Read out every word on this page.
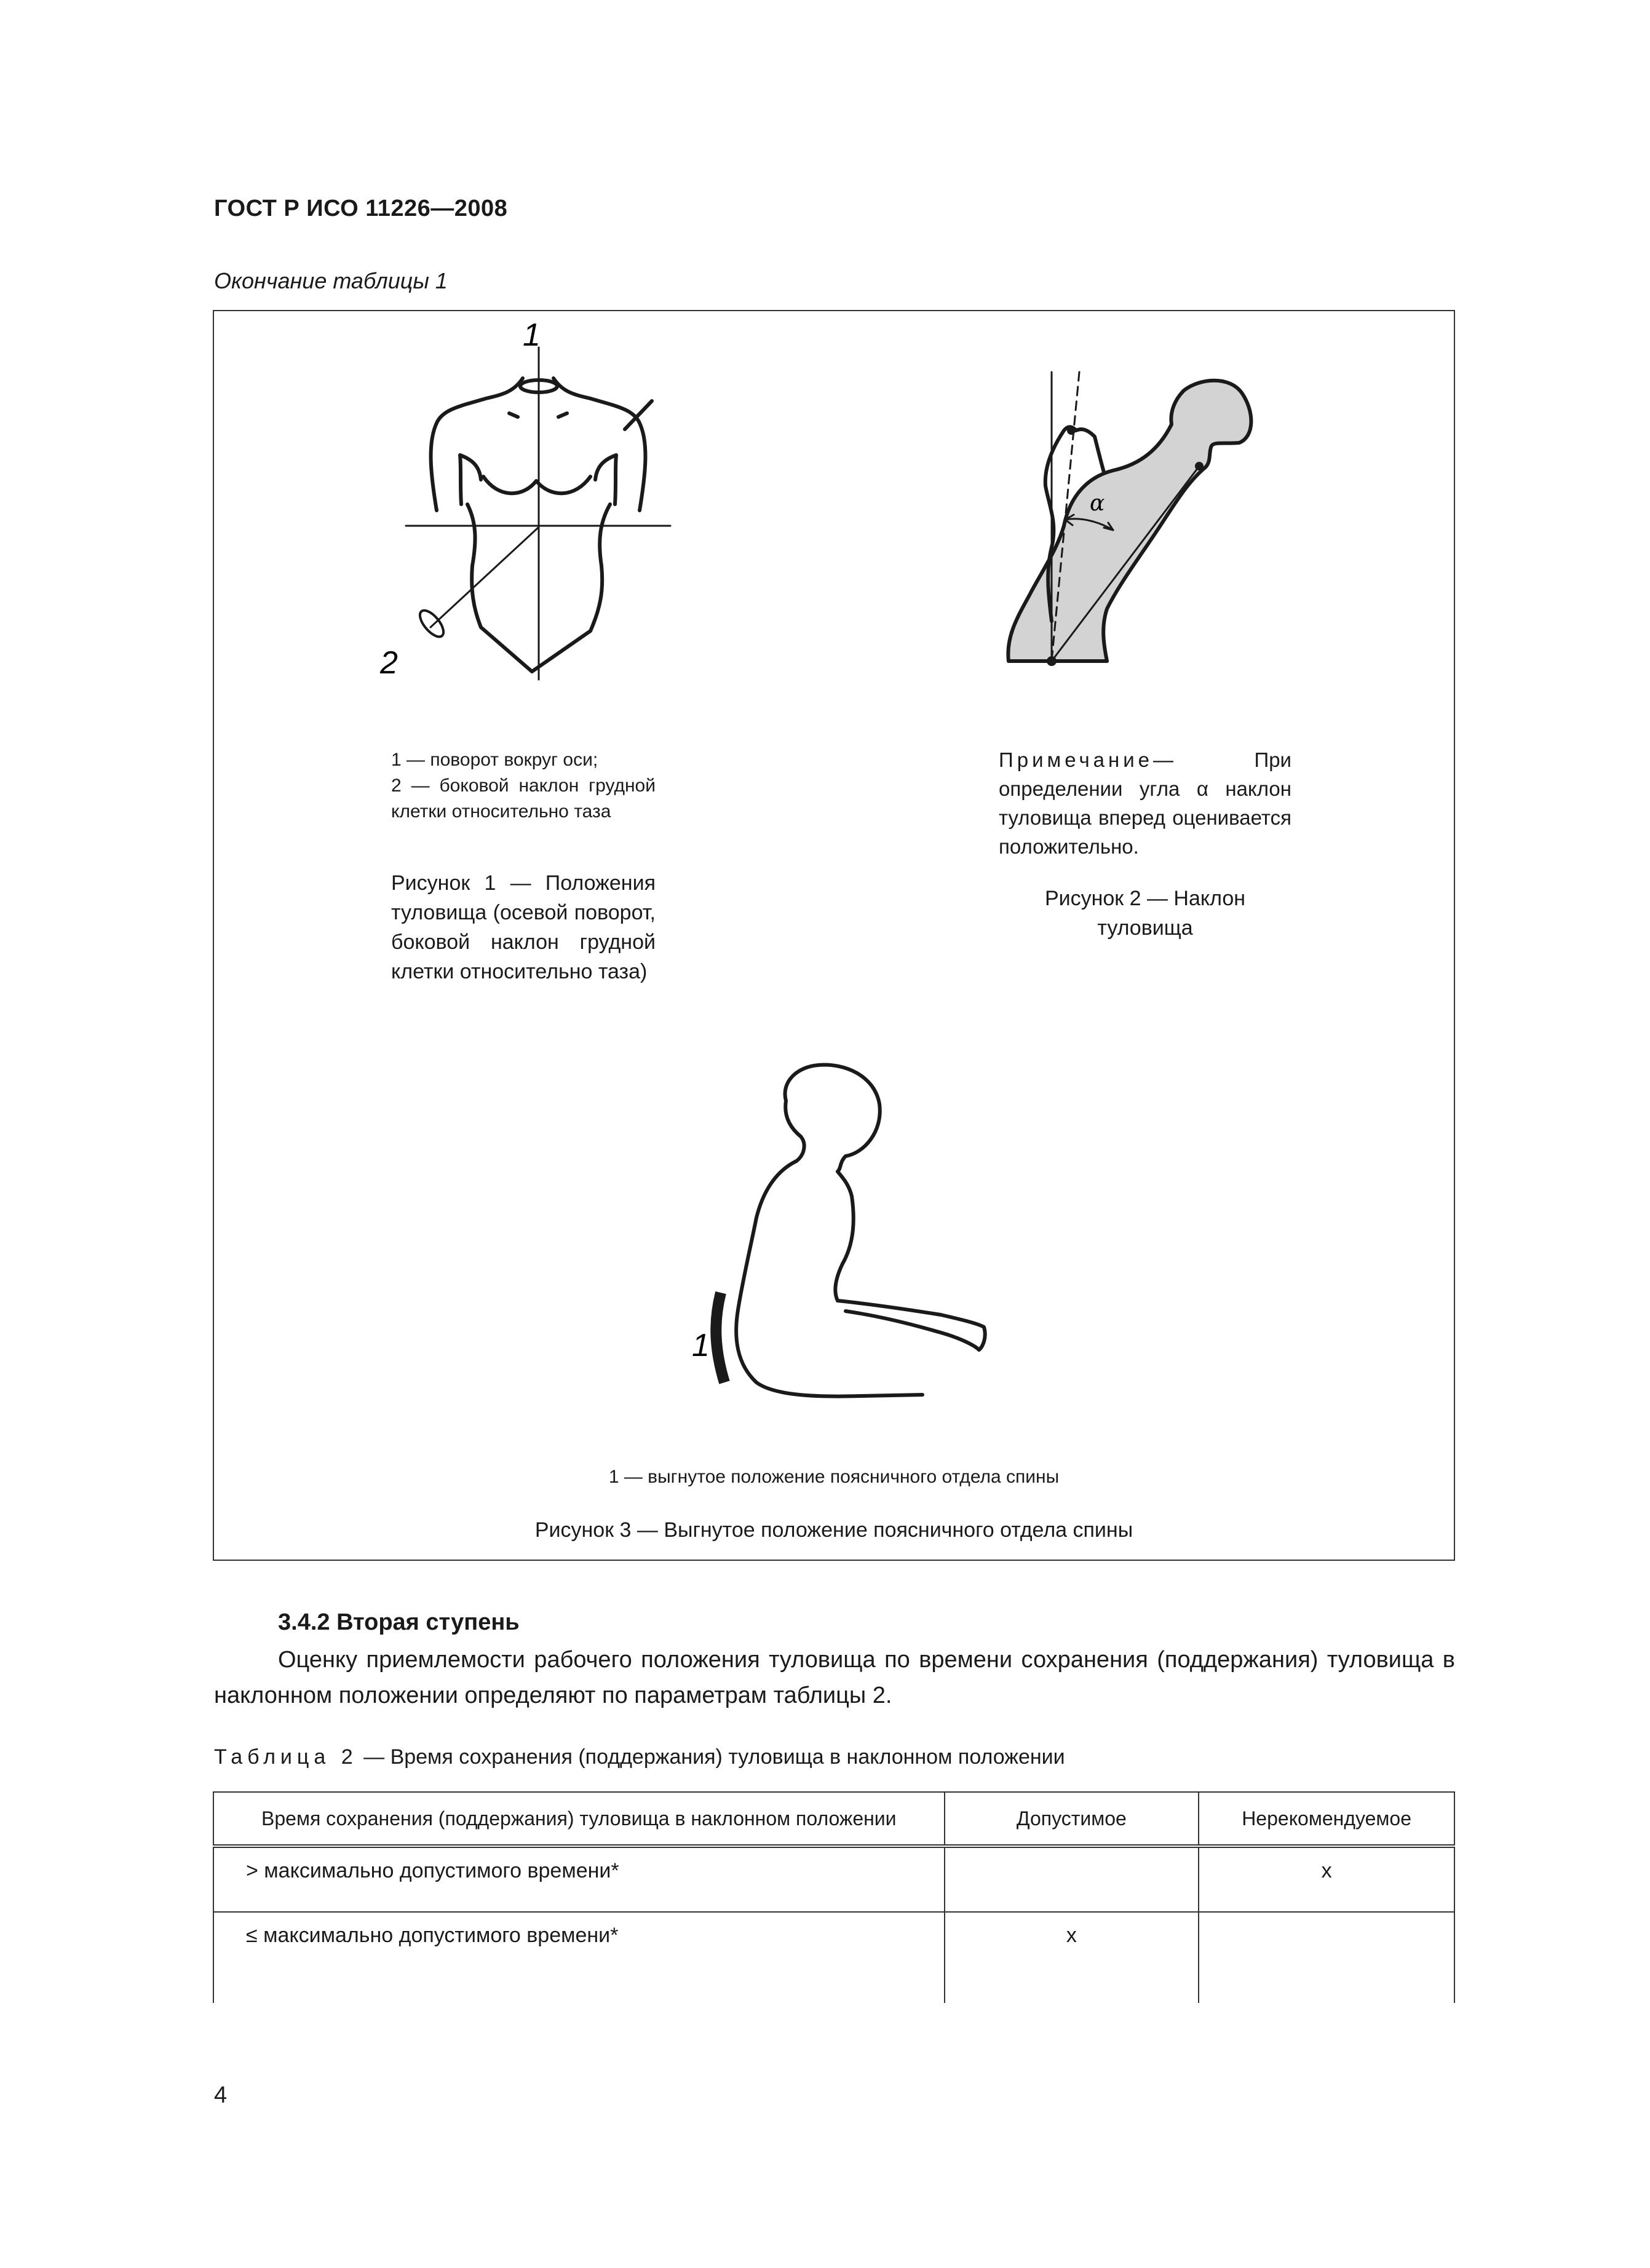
ГОСТ Р ИСО 11226—2008
Окончание таблицы 1
1
2
1 — поворот вокруг оси;
2 — боковой наклон грудной клетки относительно таза
Рисунок 1 — Положения туловища (осевой поворот, боковой наклон грудной клетки относительно таза)
α
Примечание— При определении угла α наклон туловища вперед оценивается положительно.
Рисунок 2 — Наклон туловища
1
1 — выгнутое положение поясничного отдела спины
Рисунок 3 — Выгнутое положение поясничного отдела спины
3.4.2 Вторая ступень
Оценку приемлемости рабочего положения туловища по времени сохранения (поддержания) туловища в наклонном положении определяют по параметрам таблицы 2.
Таблица 2 — Время сохранения (поддержания) туловища в наклонном положении
Время сохранения (поддержания) туловища в наклонном положении	Допустимое	Нерекомендуемое
> максимально допустимого времени*		x
≤ максимально допустимого времени*	x	
4
